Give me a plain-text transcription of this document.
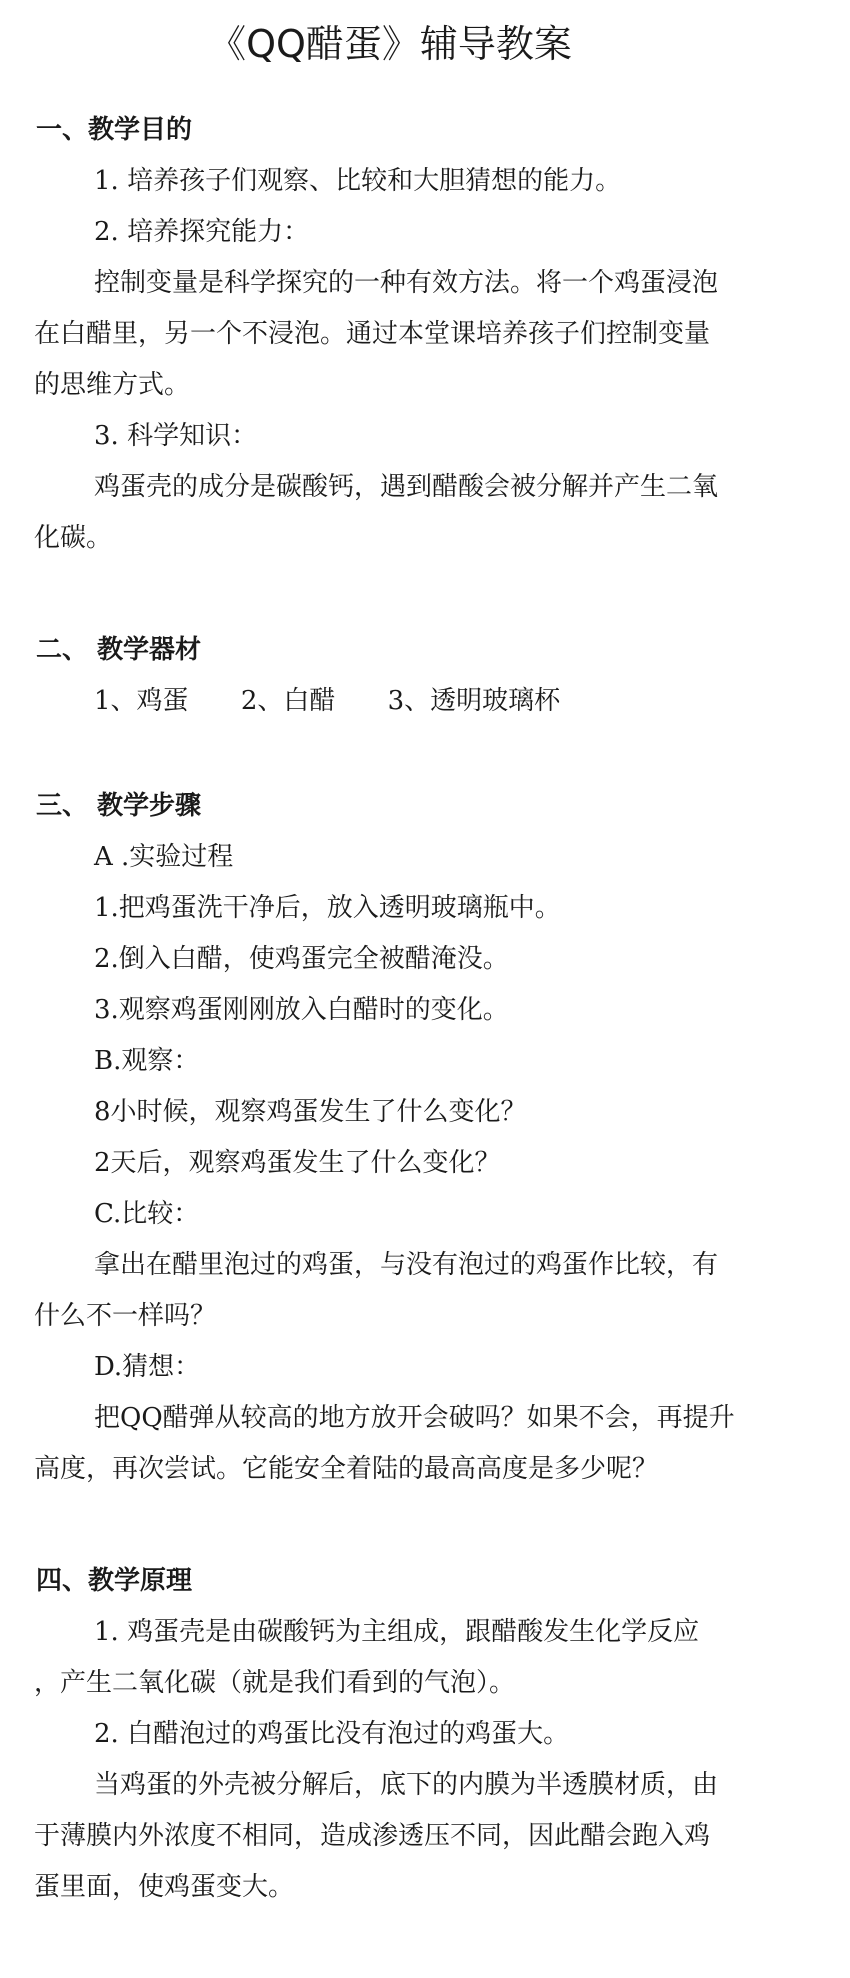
《QQ醋蛋》辅导教案
一、教学目的
1. 培养孩子们观察、比较和大胆猜想的能力。
2. 培养探究能力：
控制变量是科学探究的一种有效方法。将一个鸡蛋浸泡
在白醋里，另一个不浸泡。通过本堂课培养孩子们控制变量
的思维方式。
3. 科学知识：
鸡蛋壳的成分是碳酸钙，遇到醋酸会被分解并产生二氧
化碳。
二、 教学器材
1、鸡蛋 2、白醋 3、透明玻璃杯
三、 教学步骤
A .实验过程
1.把鸡蛋洗干净后，放入透明玻璃瓶中。
2.倒入白醋，使鸡蛋完全被醋淹没。
3.观察鸡蛋刚刚放入白醋时的变化。
B.观察：
8小时候，观察鸡蛋发生了什么变化？
2天后，观察鸡蛋发生了什么变化？
C.比较：
拿出在醋里泡过的鸡蛋，与没有泡过的鸡蛋作比较，有
什么不一样吗？
D.猜想：
把QQ醋弹从较高的地方放开会破吗？如果不会，再提升
高度，再次尝试。它能安全着陆的最高高度是多少呢？
四、教学原理
1. 鸡蛋壳是由碳酸钙为主组成，跟醋酸发生化学反应
，产生二氧化碳（就是我们看到的气泡）。
2. 白醋泡过的鸡蛋比没有泡过的鸡蛋大。
当鸡蛋的外壳被分解后，底下的内膜为半透膜材质，由
于薄膜内外浓度不相同，造成渗透压不同，因此醋会跑入鸡
蛋里面，使鸡蛋变大。
